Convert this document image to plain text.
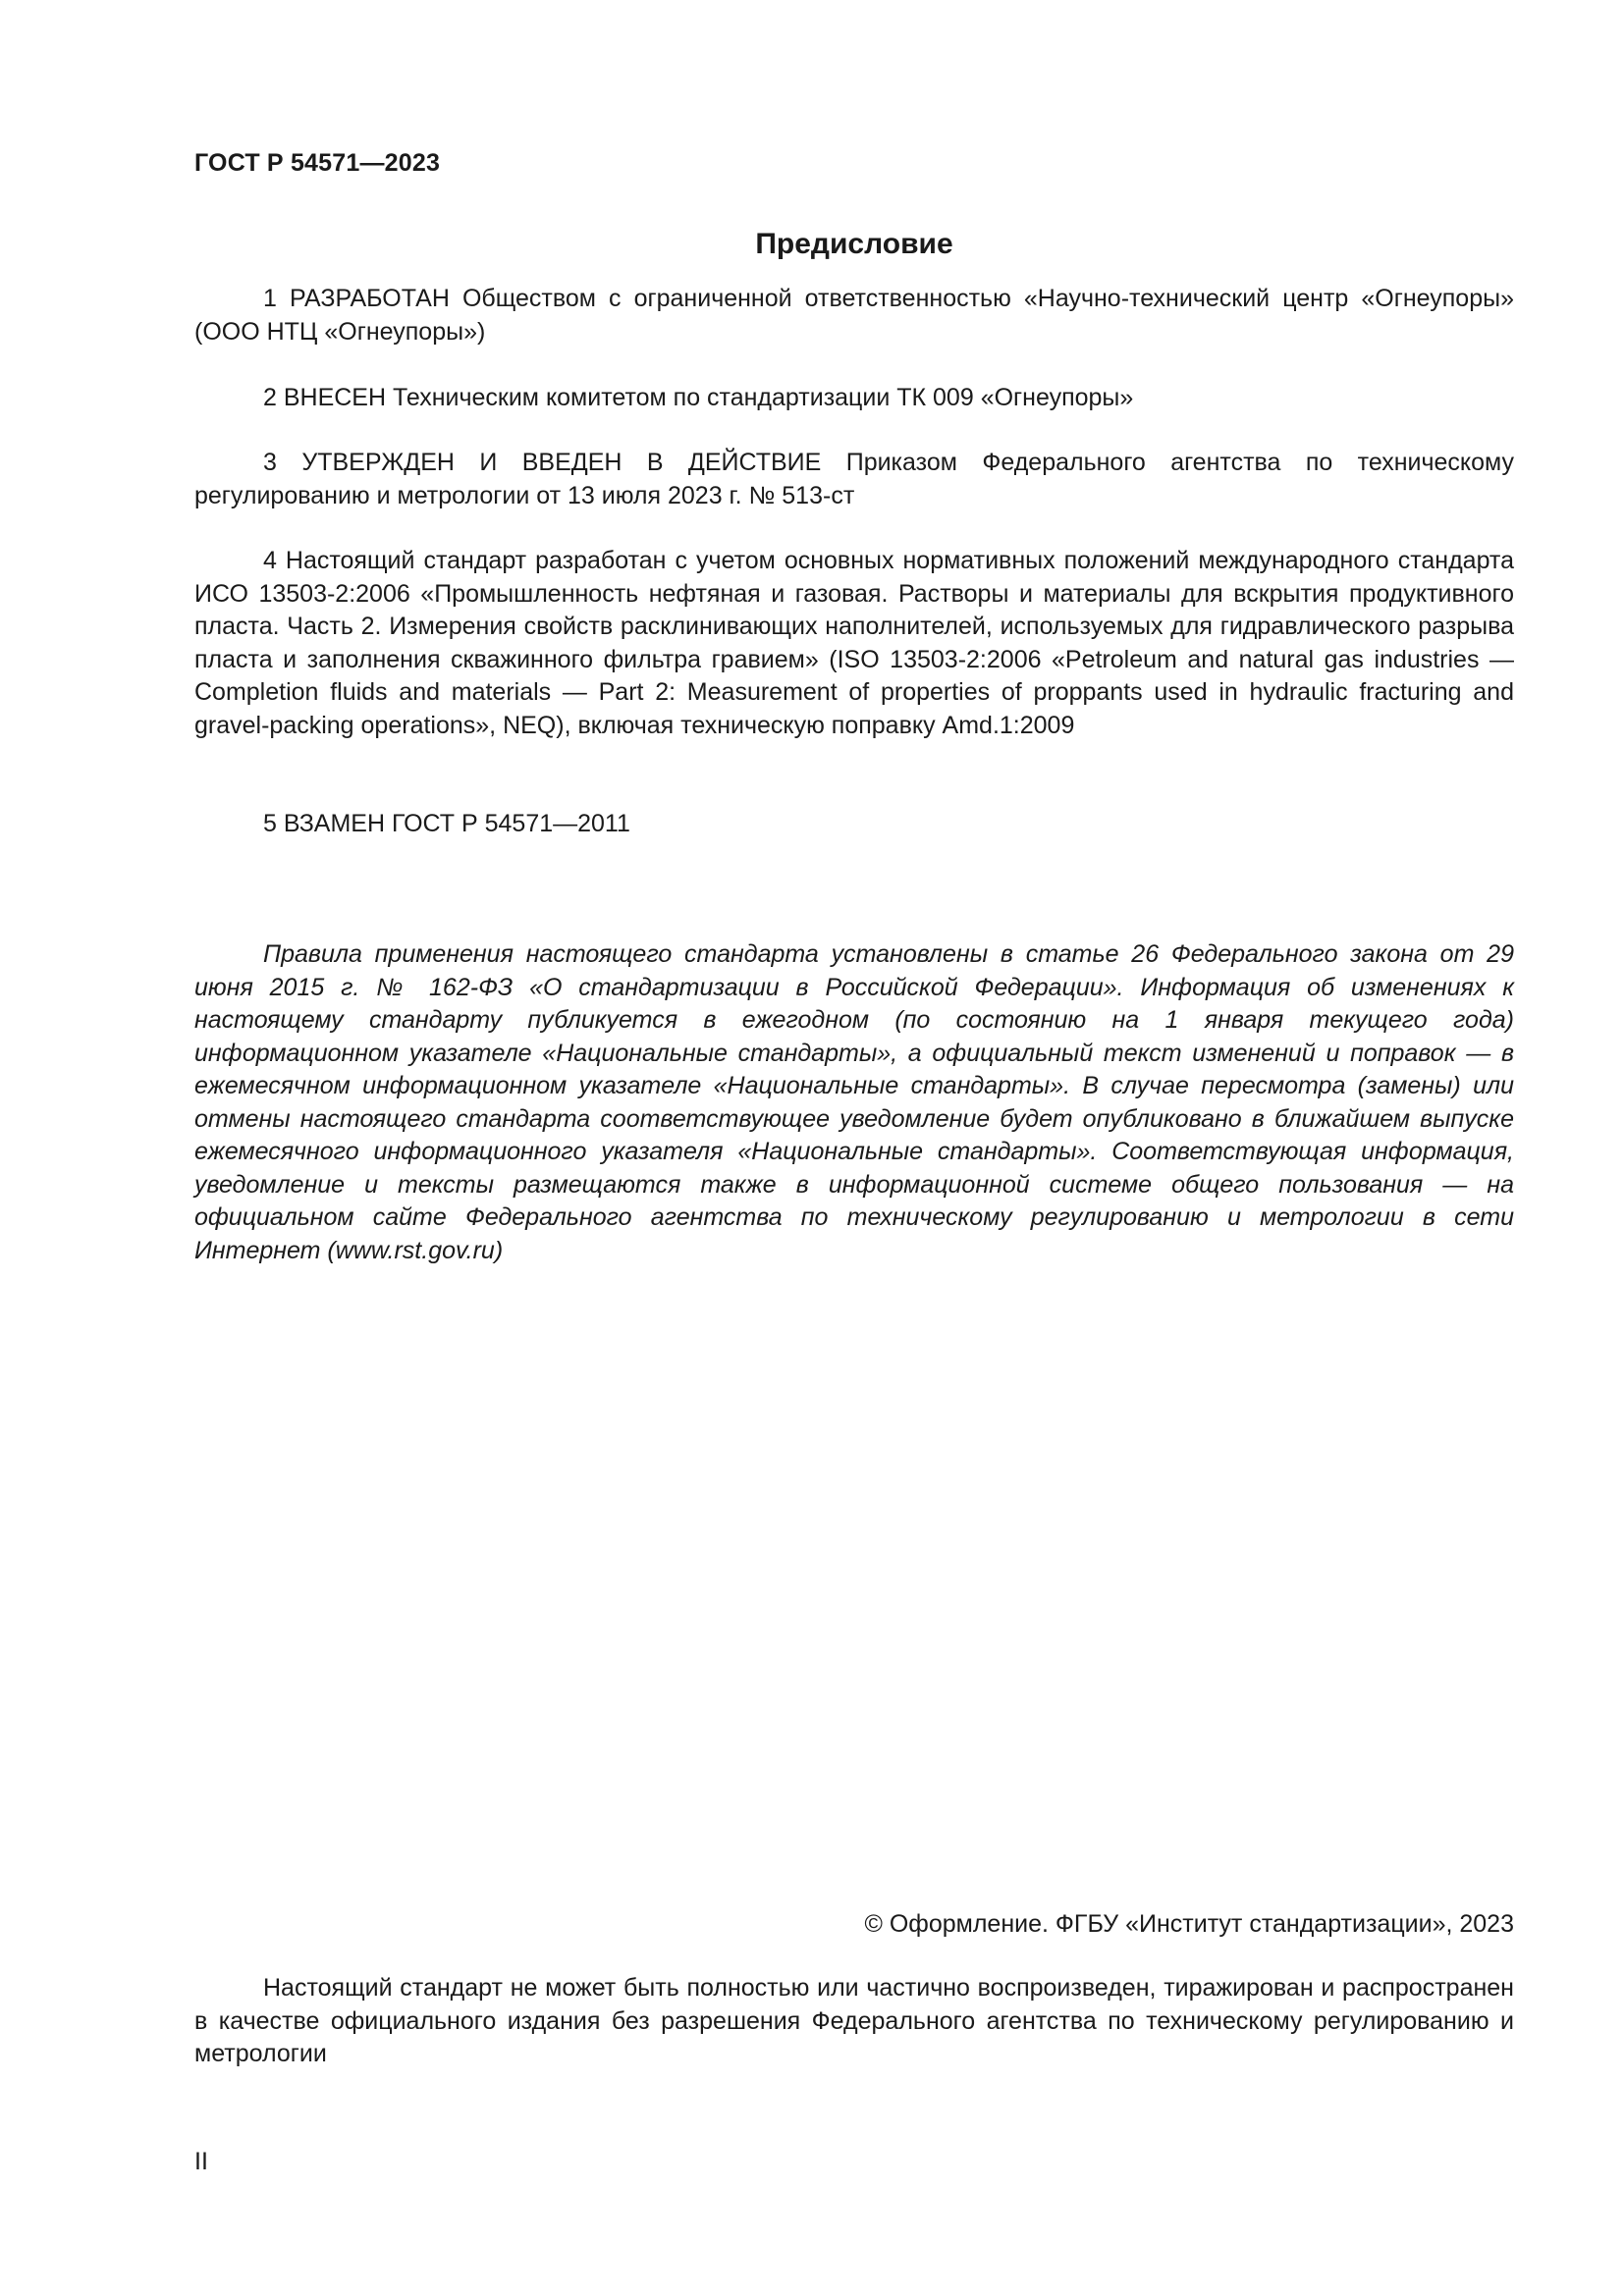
ГОСТ Р 54571—2023
Предисловие

1 РАЗРАБОТАН Обществом с ограниченной ответственностью «Научно-технический центр «Огнеупоры» (ООО НТЦ «Огнеупоры»)

2 ВНЕСЕН Техническим комитетом по стандартизации ТК 009 «Огнеупоры»

3 УТВЕРЖДЕН И ВВЕДЕН В ДЕЙСТВИЕ Приказом Федерального агентства по техническому регулированию и метрологии от 13 июля 2023 г. № 513-ст

4 Настоящий стандарт разработан с учетом основных нормативных положений международного стандарта ИСО 13503-2:2006 «Промышленность нефтяная и газовая. Растворы и материалы для вскрытия продуктивного пласта. Часть 2. Измерения свойств расклинивающих наполнителей, используемых для гидравлического разрыва пласта и заполнения скважинного фильтра гравием» (ISO 13503-2:2006 «Petroleum and natural gas industries — Completion fluids and materials — Part 2: Measurement of properties of proppants used in hydraulic fracturing and gravel-packing operations», NEQ), включая техническую поправку Amd.1:2009

5 ВЗАМЕН ГОСТ Р 54571—2011

Правила применения настоящего стандарта установлены в статье 26 Федерального закона от 29 июня 2015 г. № 162-ФЗ «О стандартизации в Российской Федерации». Информация об изменениях к настоящему стандарту публикуется в ежегодном (по состоянию на 1 января текущего года) информационном указателе «Национальные стандарты», а официальный текст изменений и поправок — в ежемесячном информационном указателе «Национальные стандарты». В случае пересмотра (замены) или отмены настоящего стандарта соответствующее уведомление будет опубликовано в ближайшем выпуске ежемесячного информационного указателя «Национальные стандарты». Соответствующая информация, уведомление и тексты размещаются также в информационной системе общего пользования — на официальном сайте Федерального агентства по техническому регулированию и метрологии в сети Интернет (www.rst.gov.ru)

© Оформление. ФГБУ «Институт стандартизации», 2023

Настоящий стандарт не может быть полностью или частично воспроизведен, тиражирован и распространен в качестве официального издания без разрешения Федерального агентства по техническому регулированию и метрологии

II
